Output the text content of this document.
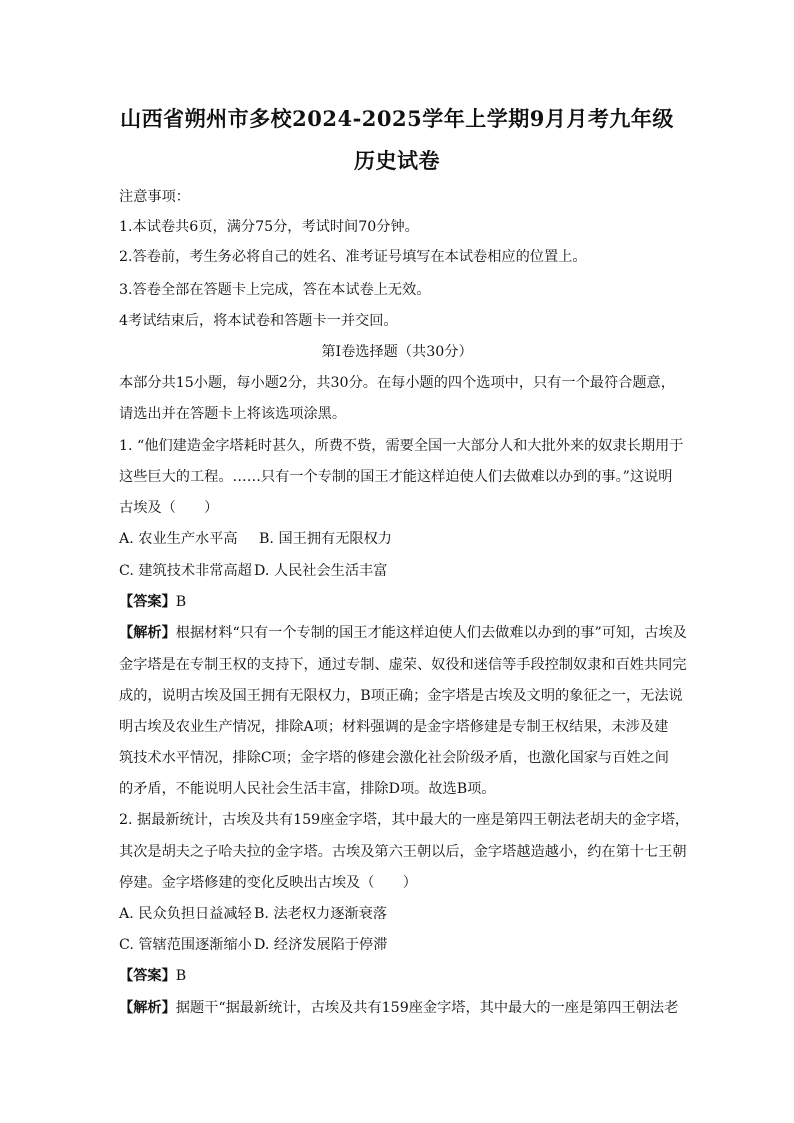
山西省朔州市多校2024-2025学年上学期9月月考九年级
历史试卷
注意事项：
1.本试卷共6页，满分75分，考试时间70分钟。
2.答卷前，考生务必将自己的姓名、准考证号填写在本试卷相应的位置上。
3.答卷全部在答题卡上完成，答在本试卷上无效。
4考试结束后，将本试卷和答题卡一并交回。
第Ⅰ卷选择题（共30分）
本部分共15小题，每小题2分，共30分。在每小题的四个选项中，只有一个最符合题意，
请选出并在答题卡上将该选项涂黑。
1. “他们建造金字塔耗时甚久，所费不赀，需要全国一大部分人和大批外来的奴隶长期用于
这些巨大的工程。……只有一个专制的国王才能这样迫使人们去做难以办到的事。”这说明
古埃及（　　）
A. 农业生产水平高 B. 国王拥有无限权力
C. 建筑技术非常高超 D. 人民社会生活丰富
【答案】B
【解析】根据材料“只有一个专制的国王才能这样迫使人们去做难以办到的事”可知，古埃及
金字塔是在专制王权的支持下，通过专制、虚荣、奴役和迷信等手段控制奴隶和百姓共同完
成的，说明古埃及国王拥有无限权力，B项正确；金字塔是古埃及文明的象征之一，无法说
明古埃及农业生产情况，排除A项；材料强调的是金字塔修建是专制王权结果，未涉及建
筑技术水平情况，排除C项；金字塔的修建会激化社会阶级矛盾，也激化国家与百姓之间
的矛盾，不能说明人民社会生活丰富，排除D项。故选B项。
2. 据最新统计，古埃及共有159座金字塔，其中最大的一座是第四王朝法老胡夫的金字塔，
其次是胡夫之子哈夫拉的金字塔。古埃及第六王朝以后，金字塔越造越小，约在第十七王朝
停建。金字塔修建的变化反映出古埃及（　　）
A. 民众负担日益减轻 B. 法老权力逐渐衰落
C. 管辖范围逐渐缩小 D. 经济发展陷于停滞
【答案】B
【解析】据题干“据最新统计，古埃及共有159座金字塔，其中最大的一座是第四王朝法老
